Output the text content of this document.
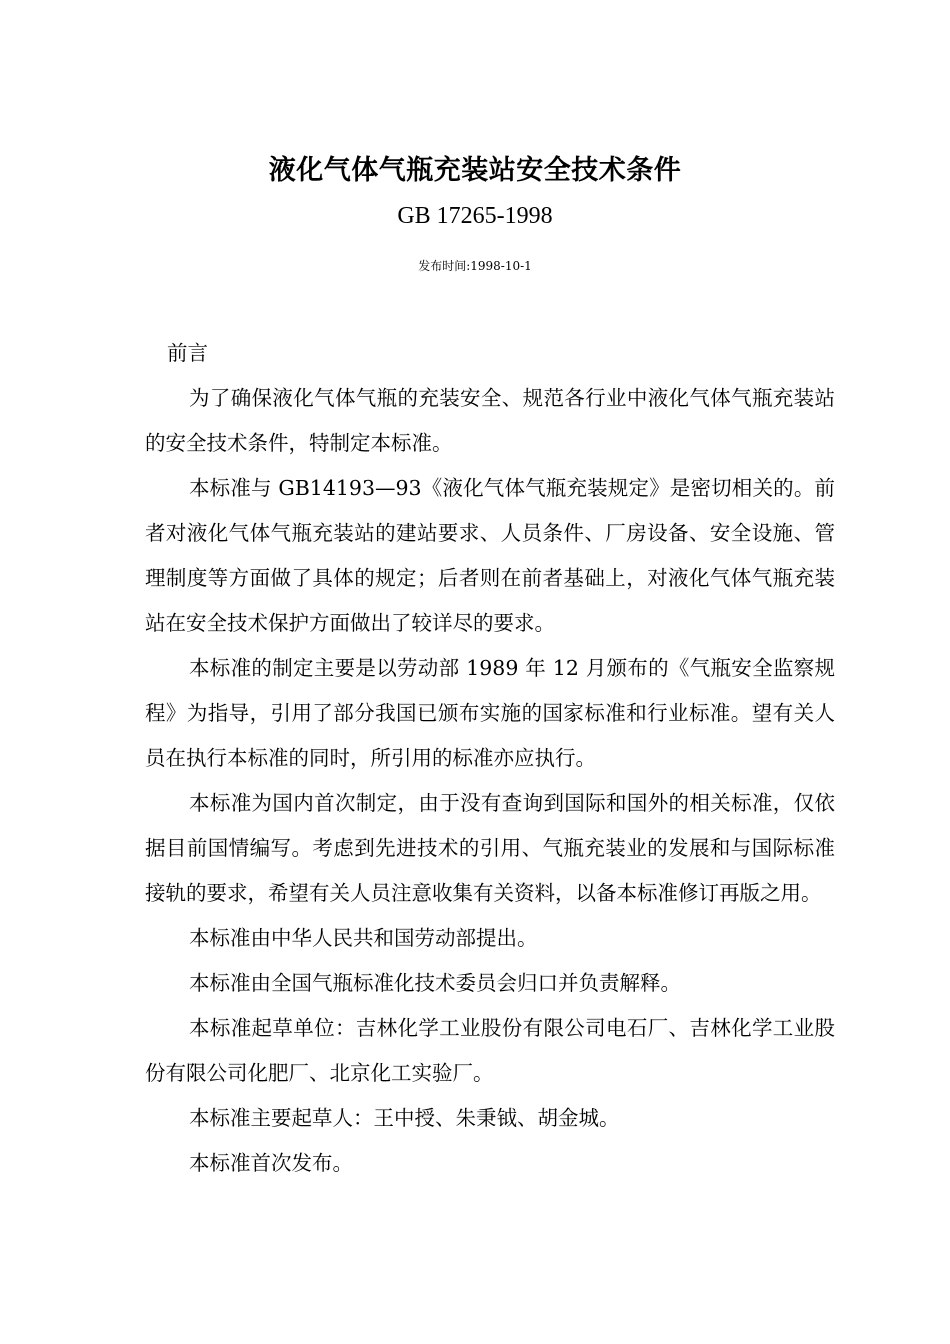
液化气体气瓶充装站安全技术条件
GB 17265-1998
发布时间:1998-10-1

前言

为了确保液化气体气瓶的充装安全、规范各行业中液化气体气瓶充装站的安全技术条件，特制定本标准。

本标准与 GB14193—93《液化气体气瓶充装规定》是密切相关的。前者对液化气体气瓶充装站的建站要求、人员条件、厂房设备、安全设施、管理制度等方面做了具体的规定；后者则在前者基础上，对液化气体气瓶充装站在安全技术保护方面做出了较详尽的要求。

本标准的制定主要是以劳动部 1989 年 12 月颁布的《气瓶安全监察规程》为指导，引用了部分我国已颁布实施的国家标准和行业标准。望有关人员在执行本标准的同时，所引用的标准亦应执行。

本标准为国内首次制定，由于没有查询到国际和国外的相关标准，仅依据目前国情编写。考虑到先进技术的引用、气瓶充装业的发展和与国际标准接轨的要求，希望有关人员注意收集有关资料，以备本标准修订再版之用。

本标准由中华人民共和国劳动部提出。

本标准由全国气瓶标准化技术委员会归口并负责解释。

本标准起草单位：吉林化学工业股份有限公司电石厂、吉林化学工业股份有限公司化肥厂、北京化工实验厂。

本标准主要起草人：王中授、朱秉钺、胡金城。

本标准首次发布。
